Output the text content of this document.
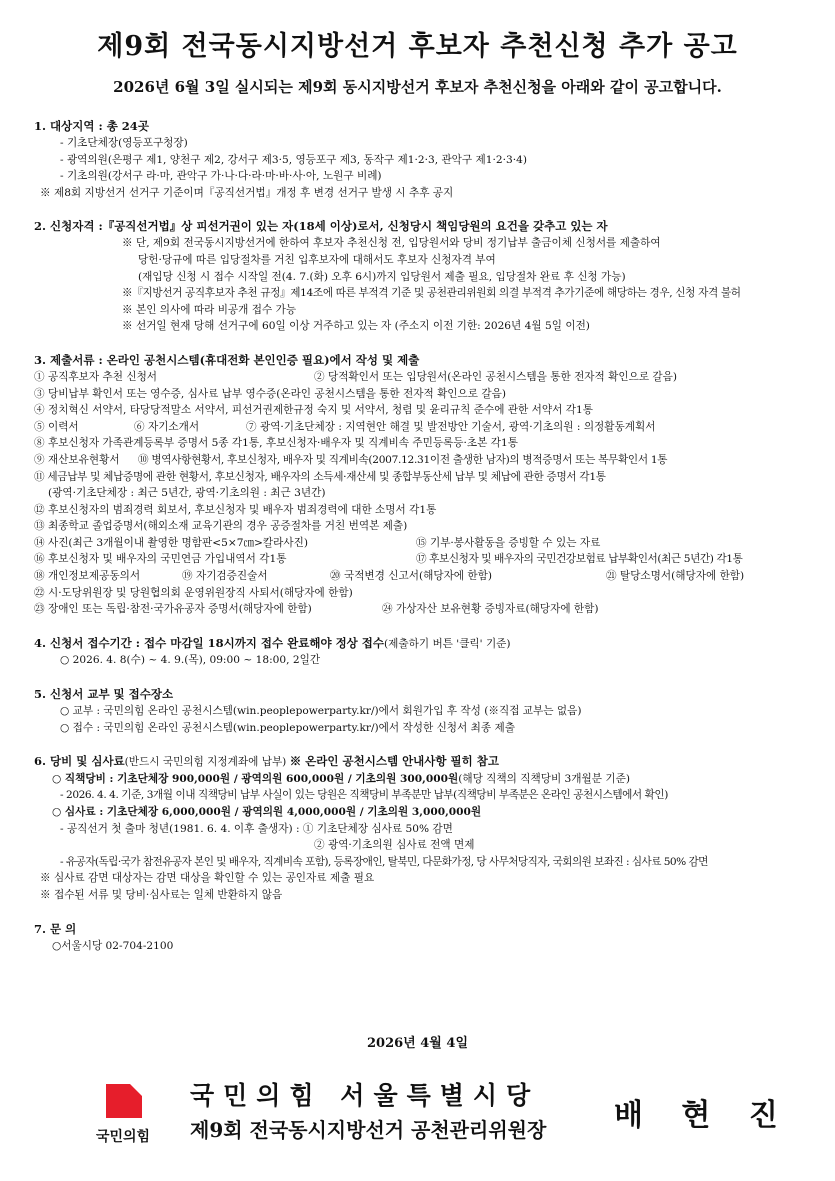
제9회 전국동시지방선거 후보자 추천신청 추가 공고
2026년 6월 3일 실시되는 제9회 동시지방선거 후보자 추천신청을 아래와 같이 공고합니다.
1. 대상지역 : 총 24곳
- 기초단체장(영등포구청장)
- 광역의원(은평구 제1, 양천구 제2, 강서구 제3·5, 영등포구 제3, 동작구 제1·2·3, 관악구 제1·2·3·4)
- 기초의원(강서구 라·마, 관악구 가·나·다·라·마·바·사·아, 노원구 비례)
※ 제8회 지방선거 선거구 기준이며『공직선거법』개정 후 변경 선거구 발생 시 추후 공지
2. 신청자격 :『공직선거법』상 피선거권이 있는 자(18세 이상)로서, 신청당시 책임당원의 요건을 갖추고 있는 자
※ 단, 제9회 전국동시지방선거에 한하여 후보자 추천신청 전, 입당원서와 당비 정기납부 출금이체 신청서를 제출하여
당헌·당규에 따른 입당절차를 거친 입후보자에 대해서도 후보자 신청자격 부여
(재입당 신청 시 접수 시작일 전(4. 7.(화) 오후 6시)까지 입당원서 제출 필요, 입당절차 완료 후 신청 가능)
※『지방선거 공직후보자 추천 규정』제14조에 따른 부적격 기준 및 공천관리위원회 의결 부적격 추가기준에 해당하는 경우, 신청 자격 불허
※ 본인 의사에 따라 비공개 접수 가능
※ 선거일 현재 당해 선거구에 60일 이상 거주하고 있는 자 (주소지 이전 기한: 2026년 4월 5일 이전)
3. 제출서류 : 온라인 공천시스템(휴대전화 본인인증 필요)에서 작성 및 제출
① 공직후보자 추천 신청서	② 당적확인서 또는 입당원서(온라인 공천시스템을 통한 전자적 확인으로 갈음)
③ 당비납부 확인서 또는 영수증, 심사료 납부 영수증(온라인 공천시스템을 통한 전자적 확인으로 갈음)
④ 정치혁신 서약서, 타당당적말소 서약서, 피선거권제한규정 숙지 및 서약서, 청렴 및 윤리규칙 준수에 관한 서약서 각1통
⑤ 이력서	⑥ 자기소개서	⑦ 광역·기초단체장 : 지역현안 해결 및 발전방안 기술서, 광역·기초의원 : 의정활동계획서
⑧ 후보신청자 가족관계등록부 증명서 5종 각1통, 후보신청자·배우자 및 직계비속 주민등록등·초본 각1통
⑨ 재산보유현황서 ⑩ 병역사항현황서, 후보신청자, 배우자 및 직계비속(2007.12.31이전 출생한 남자)의 병적증명서 또는 복무확인서 1통
⑪ 세금납부 및 체납증명에 관한 현황서, 후보신청자, 배우자의 소득세·재산세 및 종합부동산세 납부 및 체납에 관한 증명서 각1통
(광역·기초단체장 : 최근 5년간, 광역·기초의원 : 최근 3년간)
⑫ 후보신청자의 범죄경력 회보서, 후보신청자 및 배우자 범죄경력에 대한 소명서 각1통
⑬ 최종학교 졸업증명서(해외소재 교육기관의 경우 공증절차를 거친 번역본 제출)
⑭ 사진(최근 3개월이내 촬영한 명함판<5×7㎝>칼라사진)	⑮ 기부·봉사활동을 증빙할 수 있는 자료
⑯ 후보신청자 및 배우자의 국민연금 가입내역서 각1통	⑰ 후보신청자 및 배우자의 국민건강보험료 납부확인서(최근 5년간) 각1통
⑱ 개인정보제공동의서	⑲ 자기검증진술서	⑳ 국적변경 신고서(해당자에 한함)	㉑ 탈당소명서(해당자에 한함)
㉒ 시·도당위원장 및 당원협의회 운영위원장직 사퇴서(해당자에 한함)
㉓ 장애인 또는 독립·참전·국가유공자 증명서(해당자에 한함)	㉔ 가상자산 보유현황 증빙자료(해당자에 한함)
4. 신청서 접수기간 : 접수 마감일 18시까지 접수 완료해야 정상 접수(제출하기 버튼 '클릭' 기준)
○ 2026. 4. 8(수) ~ 4. 9.(목), 09:00 ~ 18:00, 2일간
5. 신청서 교부 및 접수장소
○ 교부 : 국민의힘 온라인 공천시스템(win.peoplepowerparty.kr/)에서 회원가입 후 작성 (※직접 교부는 없음)
○ 접수 : 국민의힘 온라인 공천시스템(win.peoplepowerparty.kr/)에서 작성한 신청서 최종 제출
6. 당비 및 심사료(반드시 국민의힘 지정계좌에 납부) ※ 온라인 공천시스템 안내사항 필히 참고
○ 직책당비 : 기초단체장 900,000원 / 광역의원 600,000원 / 기초의원 300,000원(해당 직책의 직책당비 3개월분 기준)
- 2026. 4. 4. 기준, 3개월 이내 직책당비 납부 사실이 있는 당원은 직책당비 부족분만 납부(직책당비 부족분은 온라인 공천시스템에서 확인)
○ 심사료 : 기초단체장 6,000,000원 / 광역의원 4,000,000원 / 기초의원 3,000,000원
- 공직선거 첫 출마 청년(1981. 6. 4. 이후 출생자) : ① 기초단체장 심사료 50% 감면
② 광역·기초의원 심사료 전액 면제
- 유공자(독립·국가 참전유공자 본인 및 배우자, 직계비속 포함), 등록장애인, 탈북민, 다문화가정, 당 사무처당직자, 국회의원 보좌진 : 심사료 50% 감면
※ 심사료 감면 대상자는 감면 대상을 확인할 수 있는 공인자료 제출 필요
※ 접수된 서류 및 당비·심사료는 일체 반환하지 않음
7. 문 의
○서울시당 02-704-2100
2026년 4월 4일
국민의힘
국민의힘 서울특별시당
제9회 전국동시지방선거 공천관리위원장 배 현 진
